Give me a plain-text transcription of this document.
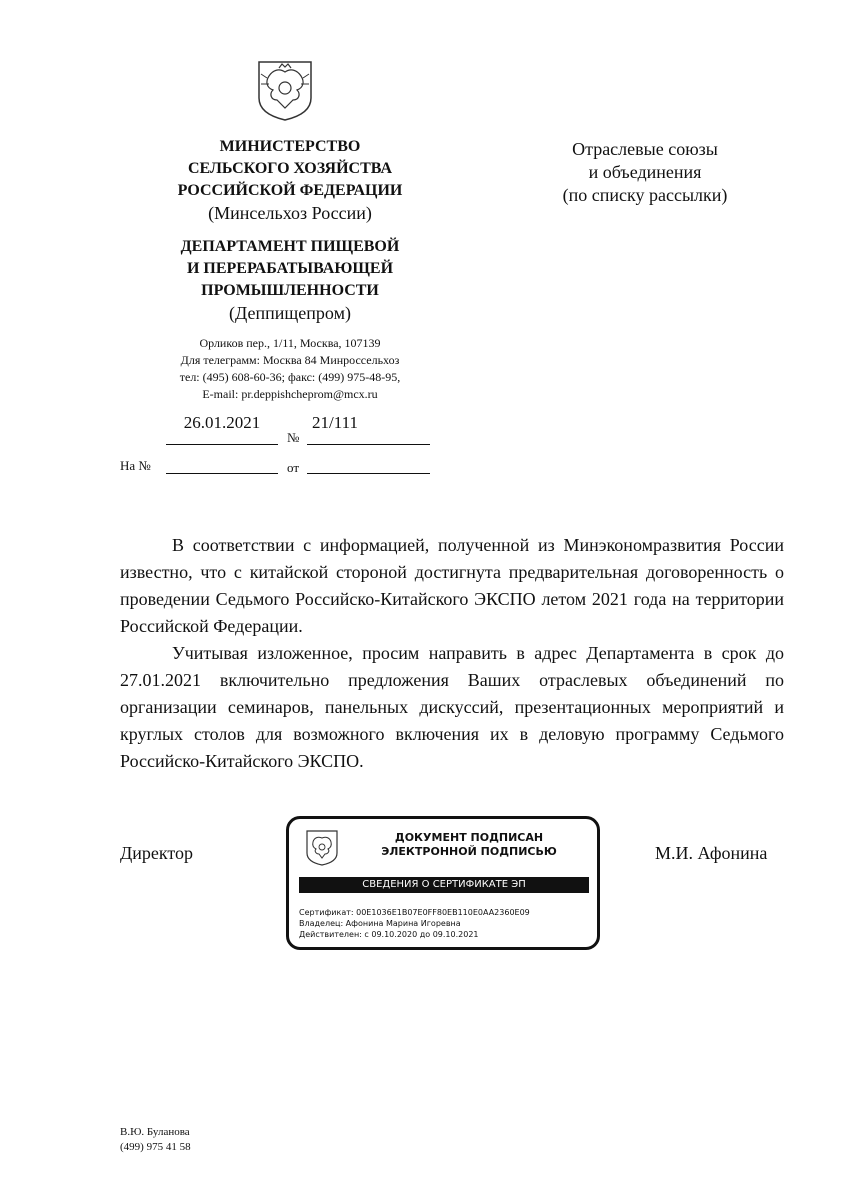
МИНИСТЕРСТВО
СЕЛЬСКОГО ХОЗЯЙСТВА
РОССИЙСКОЙ ФЕДЕРАЦИИ
(Минсельхоз России)
ДЕПАРТАМЕНТ ПИЩЕВОЙ
И ПЕРЕРАБАТЫВАЮЩЕЙ
ПРОМЫШЛЕННОСТИ
(Деппищепром)
Орликов пер., 1/11, Москва, 107139
Для телеграмм: Москва 84 Минроссельхоз
тел: (495) 608-60-36; факс: (499) 975-48-95,
E-mail: pr.deppishcheprom@mcx.ru
26.01.2021
№
21/111
На №	от
Отраслевые союзы
и объединения
(по списку рассылки)

В соответствии с информацией, полученной из Минэкономразвития России известно, что с китайской стороной достигнута предварительная договоренность о проведении Седьмого Российско-Китайского ЭКСПО летом 2021 года на территории Российской Федерации.

Учитывая изложенное, просим направить в адрес Департамента в срок до 27.01.2021 включительно предложения Ваших отраслевых объединений по организации семинаров, панельных дискуссий, презентационных мероприятий и круглых столов для возможного включения их в деловую программу Седьмого Российско-Китайского ЭКСПО.

Директор	М.И. Афонина
ДОКУМЕНТ ПОДПИСАН
ЭЛЕКТРОННОЙ ПОДПИСЬЮ
СВЕДЕНИЯ О СЕРТИФИКАТЕ ЭП
Сертификат: 00E1036E1B07E0FF80EB110E0AA2360E09
Владелец: Афонина Марина Игоревна
Действителен: с 09.10.2020 до 09.10.2021
В.Ю. Буланова
(499) 975 41 58
